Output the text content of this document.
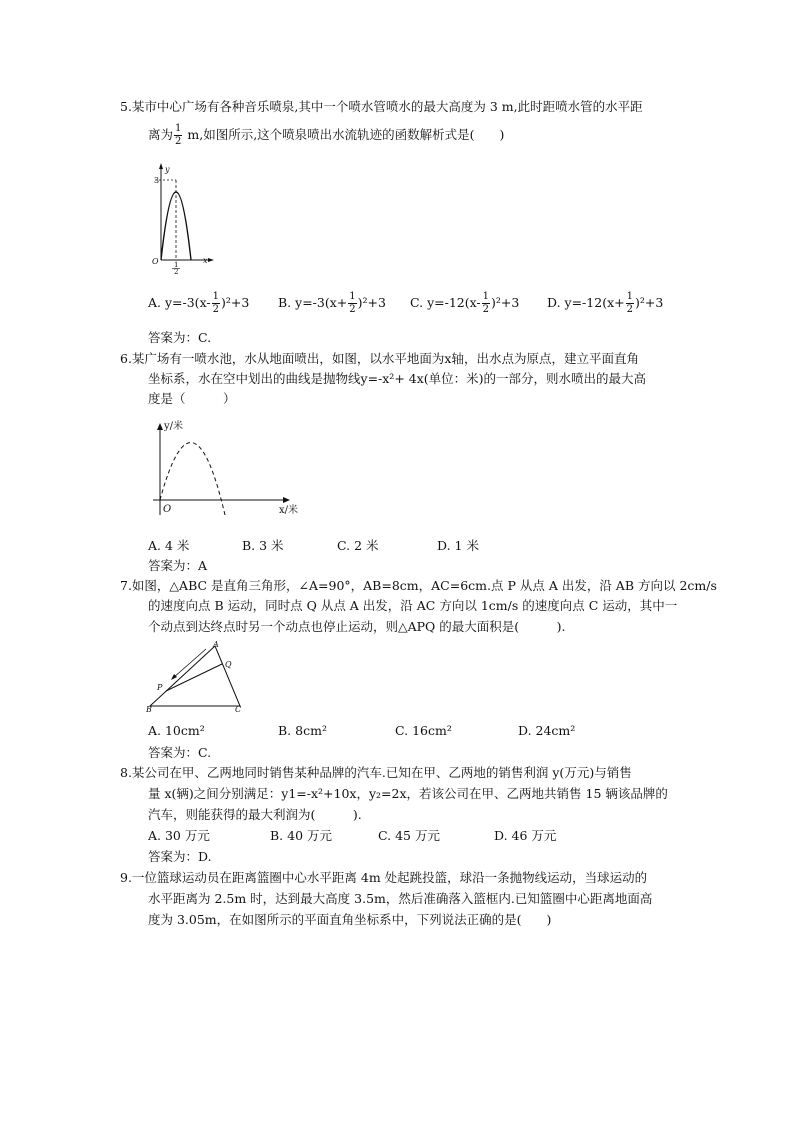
5.某市中心广场有各种音乐喷泉,其中一个喷水管喷水的最大高度为 3 m,此时距喷水管的水平距
离为 $\frac{1}{2} m$,如图所示,这个喷泉喷出水流轨迹的函数解析式是(　　)
y
x
O
3
1
2
A. $y=-3(x- \frac{1}{2} )^2+3$ B. $y=-3(x+ \frac{1}{2} )^2+3$ C. $y=-12(x- \frac{1}{2} )^2+3$ D. $y=-12(x+ \frac{1}{2} )^2+3$
答案为：C.
6.某广场有一喷水池，水从地面喷出，如图，以水平地面为x轴，出水点为原点，建立平面直角
坐标系，水在空中划出的曲线是抛物线y=-x²+ 4x(单位：米)的一部分，则水喷出的最大高
度是（　　　）
y/米
x/米
O
A. 4 米	B. 3 米	C. 2 米	D. 1 米
答案为：A
7.如图，△ABC 是直角三角形，∠A=90°，AB=8cm，AC=6cm.点 P 从点 A 出发，沿 AB 方向以 2cm/s
的速度向点 B 运动，同时点 Q 从点 A 出发，沿 AC 方向以 1cm/s 的速度向点 C 运动，其中一
个动点到达终点时另一个动点也停止运动，则△APQ 的最大面积是(　　　).
A
B	C
P
Q
A. 10cm²	B. 8cm²	C. 16cm²	D. 24cm²
答案为：C.
8.某公司在甲、乙两地同时销售某种品牌的汽车.已知在甲、乙两地的销售利润 y(万元)与销售
量 x(辆)之间分别满足：y1=-x²+10x，y₂=2x，若该公司在甲、乙两地共销售 15 辆该品牌的
汽车，则能获得的最大利润为(　　　).
A. 30 万元	B. 40 万元	C. 45 万元	D. 46 万元
答案为：D.
9.一位篮球运动员在距离篮圈中心水平距离 4m 处起跳投篮，球沿一条抛物线运动，当球运动的
水平距离为 2.5m 时，达到最大高度 3.5m，然后准确落入篮框内.已知篮圈中心距离地面高
度为 3.05m，在如图所示的平面直角坐标系中，下列说法正确的是(　　)
